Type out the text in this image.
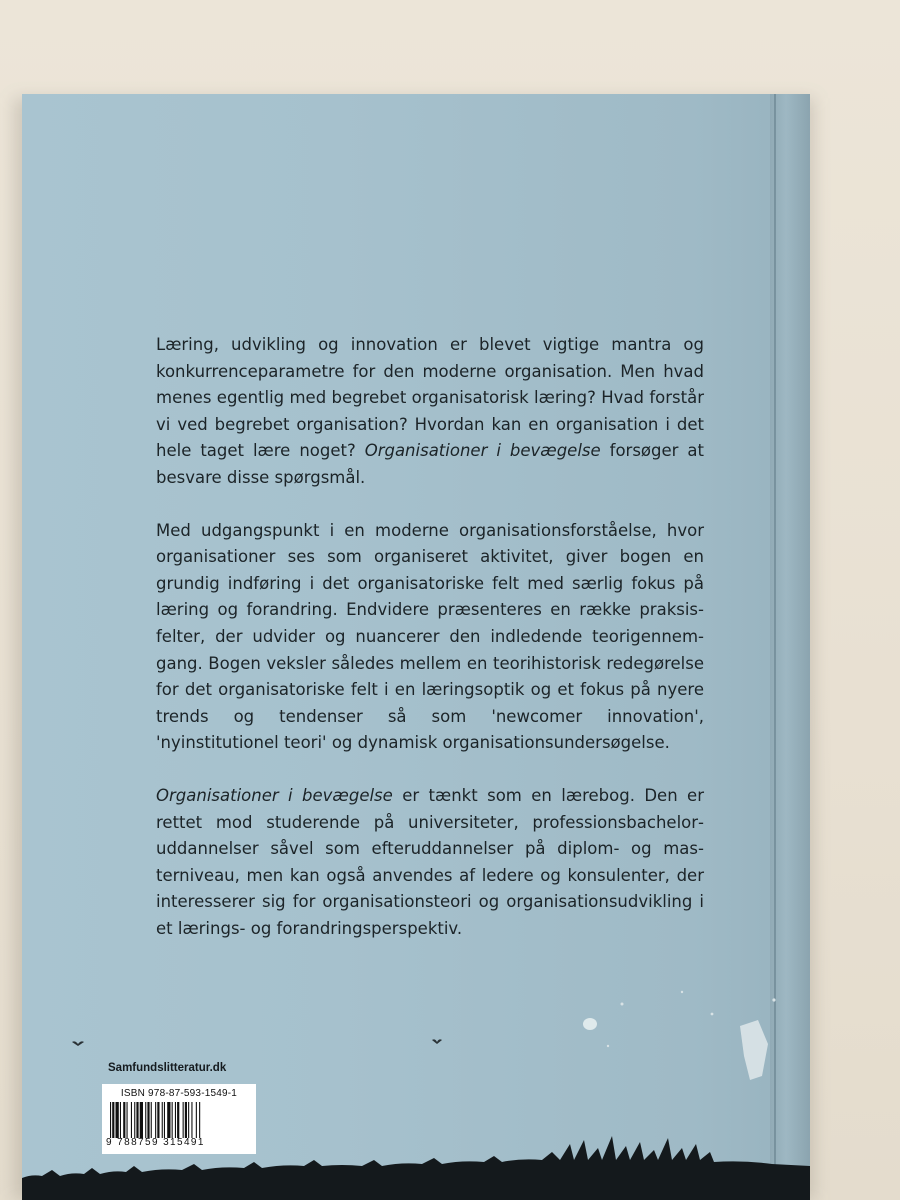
Læring, udvikling og innovation er blevet vigtige mantra og konkurrenceparametre for den moderne organisation. Men hvad menes egentlig med begrebet organisatorisk læring? Hvad forstår vi ved begrebet organisation? Hvordan kan en organisation i det hele taget lære noget? Organisationer i bevægelse forsøger at besvare disse spørgsmål.

Med udgangspunkt i en moderne organisationsforståelse, hvor organisationer ses som organiseret aktivitet, giver bogen en grundig indføring i det organisatoriske felt med særlig fokus på læring og forandring. Endvidere præsenteres en række praksisfelter, der udvider og nuancerer den indledende teorigennemgang. Bogen veksler således mellem en teorihistorisk redegørelse for det organisatoriske felt i en læringsoptik og et fokus på nyere trends og tendenser så som 'newcomer innovation', 'nyinstitutionel teori' og dynamisk organisationsundersøgelse.

Organisationer i bevægelse er tænkt som en lærebog. Den er rettet mod studerende på universiteter, professionsbacheloruddannelser såvel som efteruddannelser på diplom- og masterniveau, men kan også anvendes af ledere og konsulenter, der interesserer sig for organisationsteori og organisationsudvikling i et lærings- og forandringsperspektiv.

Samfundslitteratur.dk
ISBN 978-87-593-1549-1
9 788759 315491
